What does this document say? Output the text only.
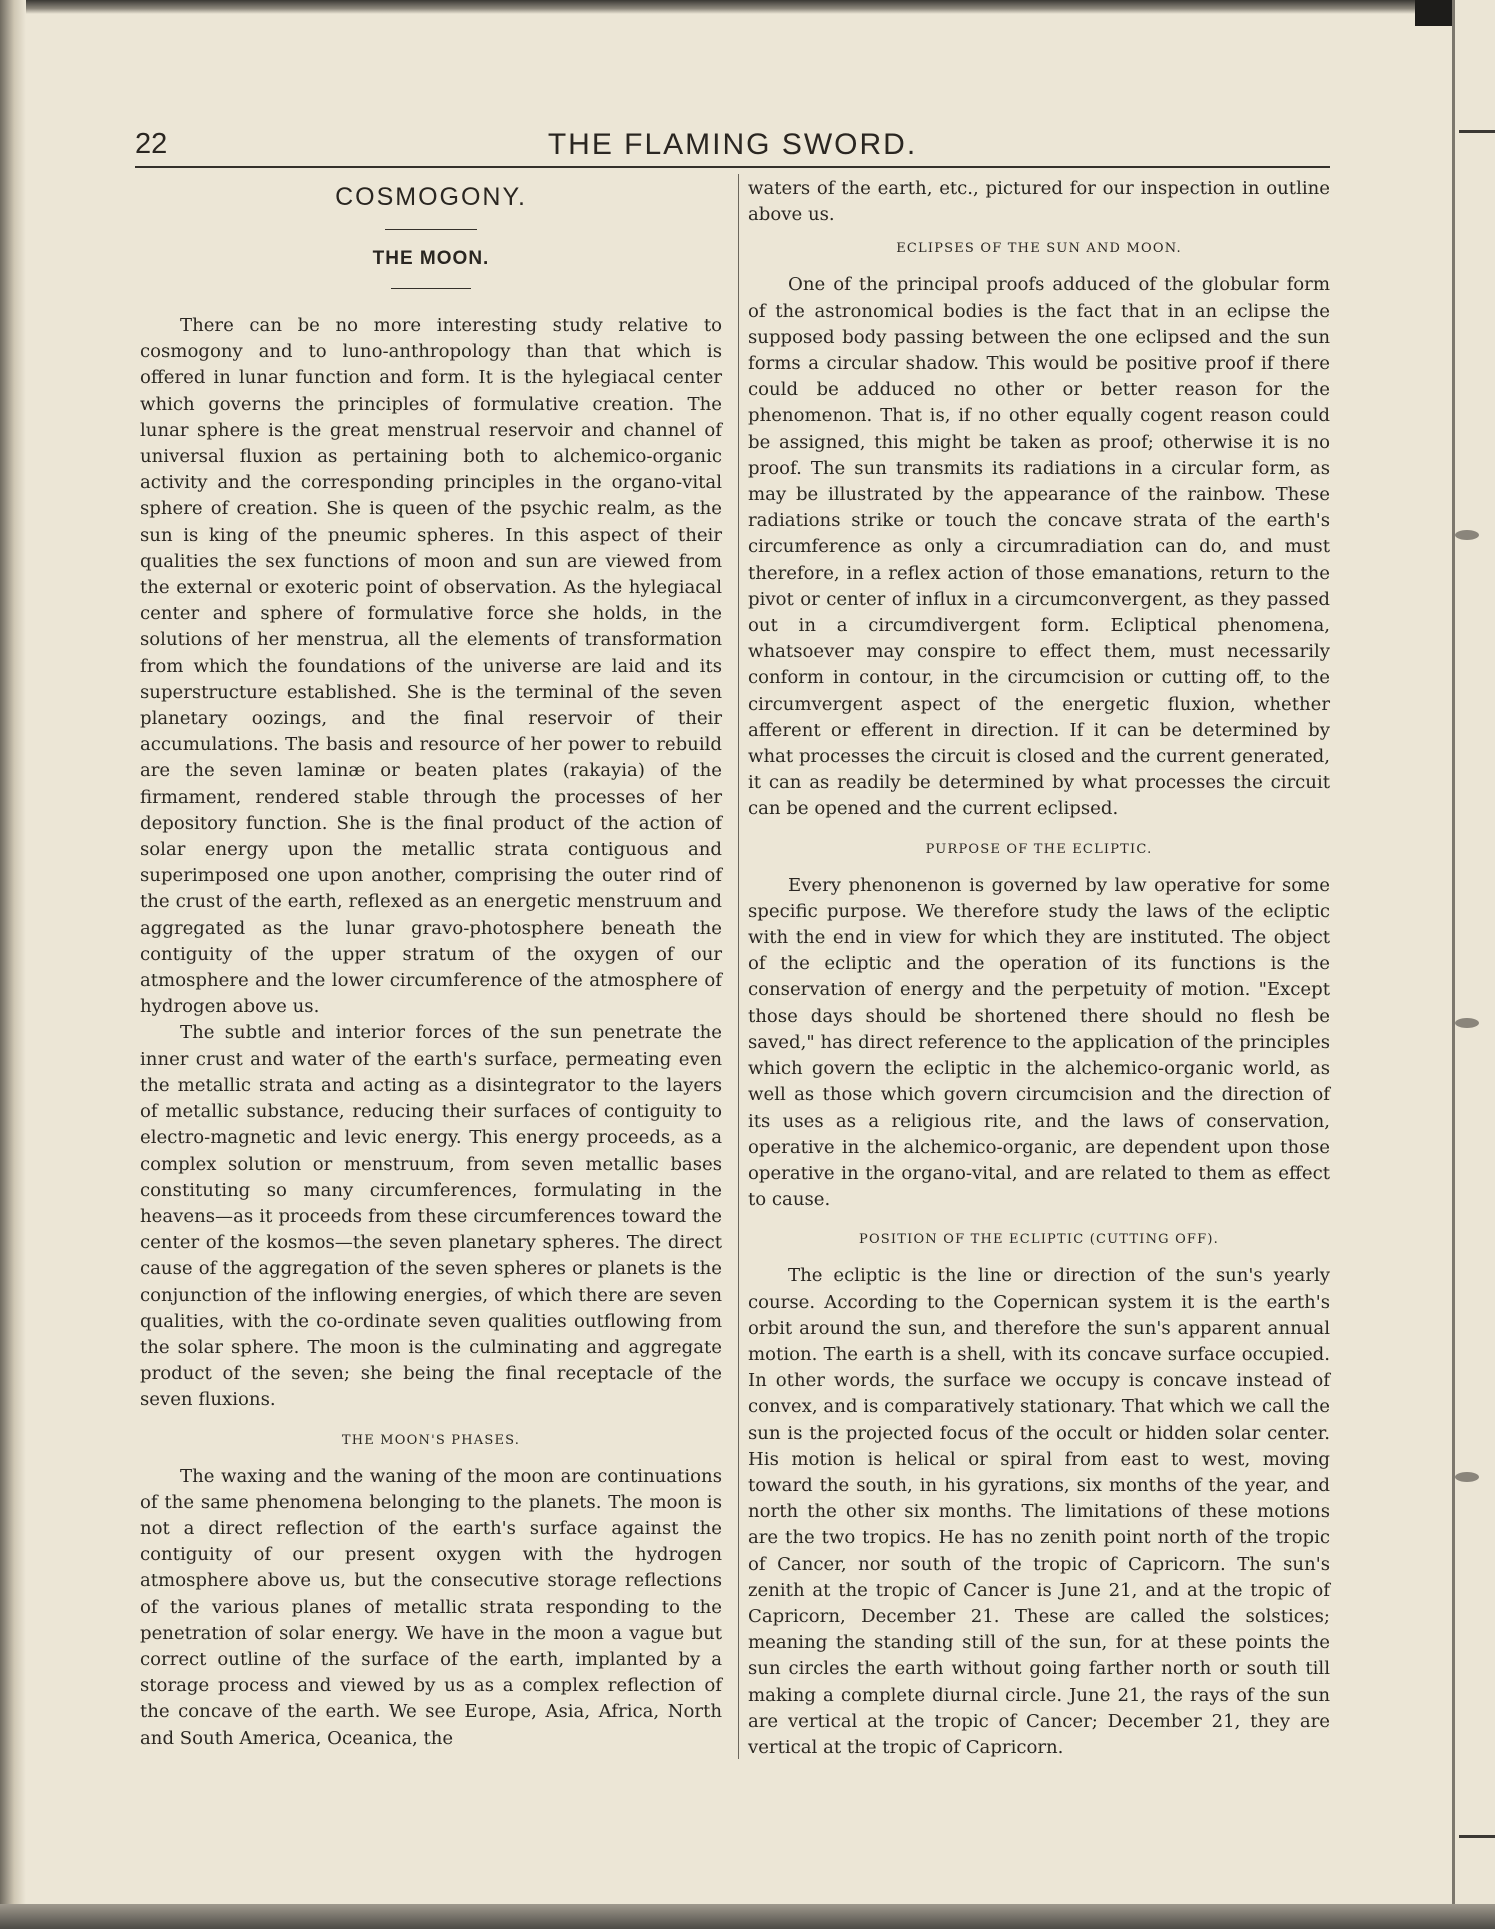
22	THE FLAMING SWORD.
COSMOGONY.
THE MOON.

There can be no more interesting study relative to cosmogony and to luno-anthropology than that which is offered in lunar function and form. It is the hylegiacal center which governs the principles of formulative creation. The lunar sphere is the great menstrual reservoir and channel of universal fluxion as pertaining both to alchemico-organic activity and the corresponding principles in the organo-vital sphere of creation. She is queen of the psychic realm, as the sun is king of the pneumic spheres. In this aspect of their qualities the sex functions of moon and sun are viewed from the external or exoteric point of observation. As the hylegiacal center and sphere of formulative force she holds, in the solutions of her menstrua, all the elements of transformation from which the foundations of the universe are laid and its superstructure established. She is the terminal of the seven planetary oozings, and the final reservoir of their accumulations. The basis and resource of her power to rebuild are the seven laminæ or beaten plates (rakayia) of the firmament, rendered stable through the processes of her depository function. She is the final product of the action of solar energy upon the metallic strata contiguous and superimposed one upon another, comprising the outer rind of the crust of the earth, reflexed as an energetic menstruum and aggregated as the lunar gravo-photosphere beneath the contiguity of the upper stratum of the oxygen of our atmosphere and the lower circumference of the atmosphere of hydrogen above us.

The subtle and interior forces of the sun penetrate the inner crust and water of the earth's surface, permeating even the metallic strata and acting as a disintegrator to the layers of metallic substance, reducing their surfaces of contiguity to electro-magnetic and levic energy. This energy proceeds, as a complex solution or menstruum, from seven metallic bases constituting so many circumferences, formulating in the heavens—as it proceeds from these circumferences toward the center of the kosmos—the seven planetary spheres. The direct cause of the aggregation of the seven spheres or planets is the conjunction of the inflowing energies, of which there are seven qualities, with the co-ordinate seven qualities outflowing from the solar sphere. The moon is the culminating and aggregate product of the seven; she being the final receptacle of the seven fluxions.

THE MOON'S PHASES.

The waxing and the waning of the moon are continuations of the same phenomena belonging to the planets. The moon is not a direct reflection of the earth's surface against the contiguity of our present oxygen with the hydrogen atmosphere above us, but the consecutive storage reflections of the various planes of metallic strata responding to the penetration of solar energy. We have in the moon a vague but correct outline of the surface of the earth, implanted by a storage process and viewed by us as a complex reflection of the concave of the earth. We see Europe, Asia, Africa, North and South America, Oceanica, the

waters of the earth, etc., pictured for our inspection in outline above us.

ECLIPSES OF THE SUN AND MOON.

One of the principal proofs adduced of the globular form of the astronomical bodies is the fact that in an eclipse the supposed body passing between the one eclipsed and the sun forms a circular shadow. This would be positive proof if there could be adduced no other or better reason for the phenomenon. That is, if no other equally cogent reason could be assigned, this might be taken as proof; otherwise it is no proof. The sun transmits its radiations in a circular form, as may be illustrated by the appearance of the rainbow. These radiations strike or touch the concave strata of the earth's circumference as only a circumradiation can do, and must therefore, in a reflex action of those emanations, return to the pivot or center of influx in a circumconvergent, as they passed out in a circumdivergent form. Ecliptical phenomena, whatsoever may conspire to effect them, must necessarily conform in contour, in the circumcision or cutting off, to the circumvergent aspect of the energetic fluxion, whether afferent or efferent in direction. If it can be determined by what processes the circuit is closed and the current generated, it can as readily be determined by what processes the circuit can be opened and the current eclipsed.

PURPOSE OF THE ECLIPTIC.

Every phenonenon is governed by law operative for some specific purpose. We therefore study the laws of the ecliptic with the end in view for which they are instituted. The object of the ecliptic and the operation of its functions is the conservation of energy and the perpetuity of motion. "Except those days should be shortened there should no flesh be saved," has direct reference to the application of the principles which govern the ecliptic in the alchemico-organic world, as well as those which govern circumcision and the direction of its uses as a religious rite, and the laws of conservation, operative in the alchemico-organic, are dependent upon those operative in the organo-vital, and are related to them as effect to cause.

POSITION OF THE ECLIPTIC (CUTTING OFF).

The ecliptic is the line or direction of the sun's yearly course. According to the Copernican system it is the earth's orbit around the sun, and therefore the sun's apparent annual motion. The earth is a shell, with its concave surface occupied. In other words, the surface we occupy is concave instead of convex, and is comparatively stationary. That which we call the sun is the projected focus of the occult or hidden solar center. His motion is helical or spiral from east to west, moving toward the south, in his gyrations, six months of the year, and north the other six months. The limitations of these motions are the two tropics. He has no zenith point north of the tropic of Cancer, nor south of the tropic of Capricorn. The sun's zenith at the tropic of Cancer is June 21, and at the tropic of Capricorn, December 21. These are called the solstices; meaning the standing still of the sun, for at these points the sun circles the earth without going farther north or south till making a complete diurnal circle. June 21, the rays of the sun are vertical at the tropic of Cancer; December 21, they are vertical at the tropic of Capricorn.
